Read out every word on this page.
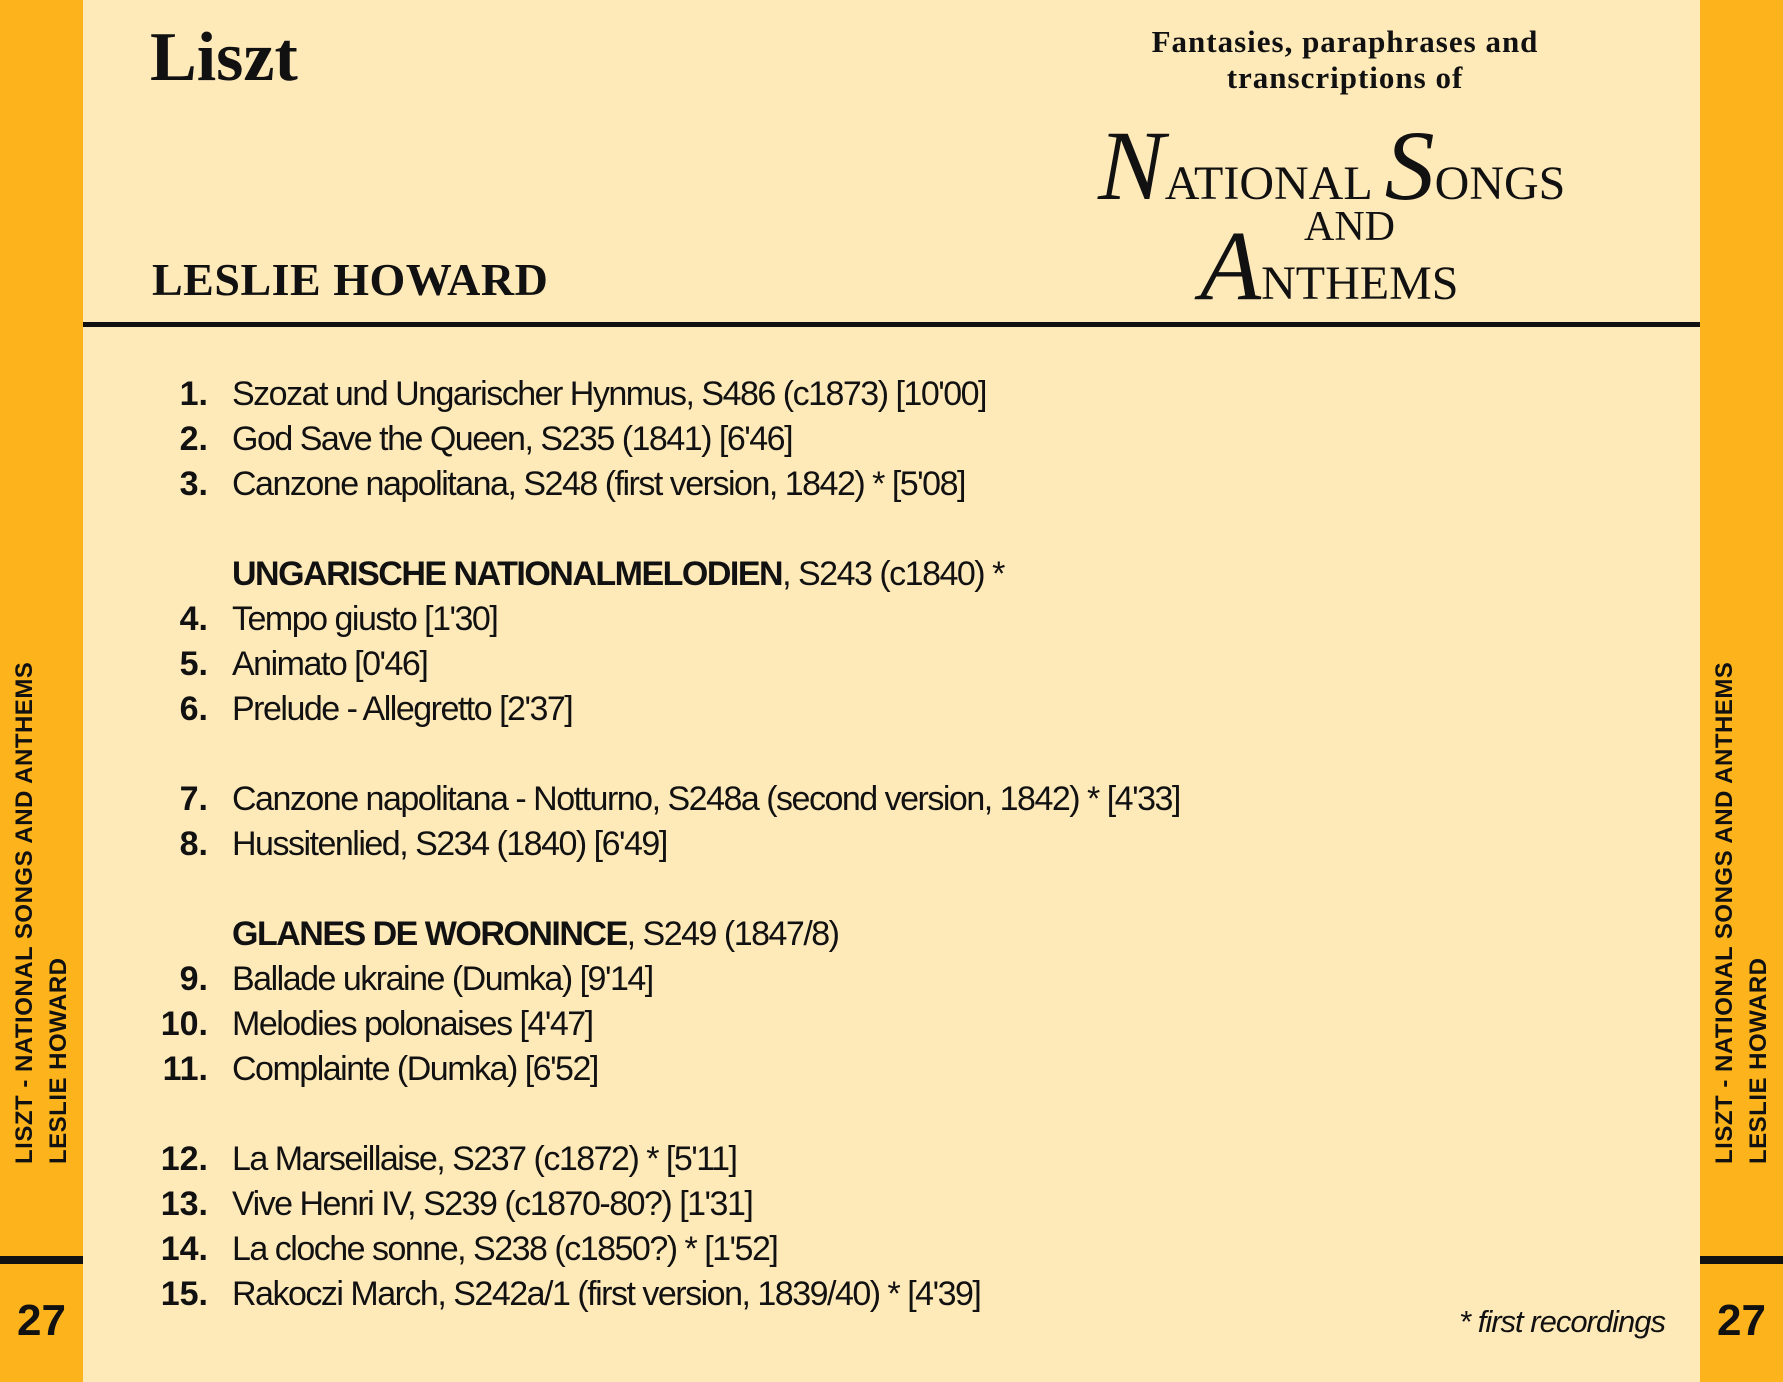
LISZT - NATIONAL SONGS AND ANTHEMS LESLIE HOWARD
27
LISZT - NATIONAL SONGS AND ANTHEMS LESLIE HOWARD
27
Liszt
LESLIE HOWARD
Fantasies, paraphrases and
transcriptions of
NATIONAL SONGS
AND
ANTHEMS
1. Szozat und Ungarischer Hynmus, S486 (c1873) [10'00]
2. God Save the Queen, S235 (1841) [6'46]
3. Canzone napolitana, S248 (first version, 1842) * [5'08]
UNGARISCHE NATIONALMELODIEN, S243 (c1840) *
4. Tempo giusto [1'30]
5. Animato [0'46]
6. Prelude - Allegretto [2'37]
7. Canzone napolitana - Notturno, S248a (second version, 1842) * [4'33]
8. Hussitenlied, S234 (1840) [6'49]
GLANES DE WORONINCE, S249 (1847/8)
9. Ballade ukraine (Dumka) [9'14]
10. Melodies polonaises [4'47]
11. Complainte (Dumka) [6'52]
12. La Marseillaise, S237 (c1872) * [5'11]
13. Vive Henri IV, S239 (c1870-80?) [1'31]
14. La cloche sonne, S238 (c1850?) * [1'52]
15. Rakoczi March, S242a/1 (first version, 1839/40) * [4'39]
* first recordings
